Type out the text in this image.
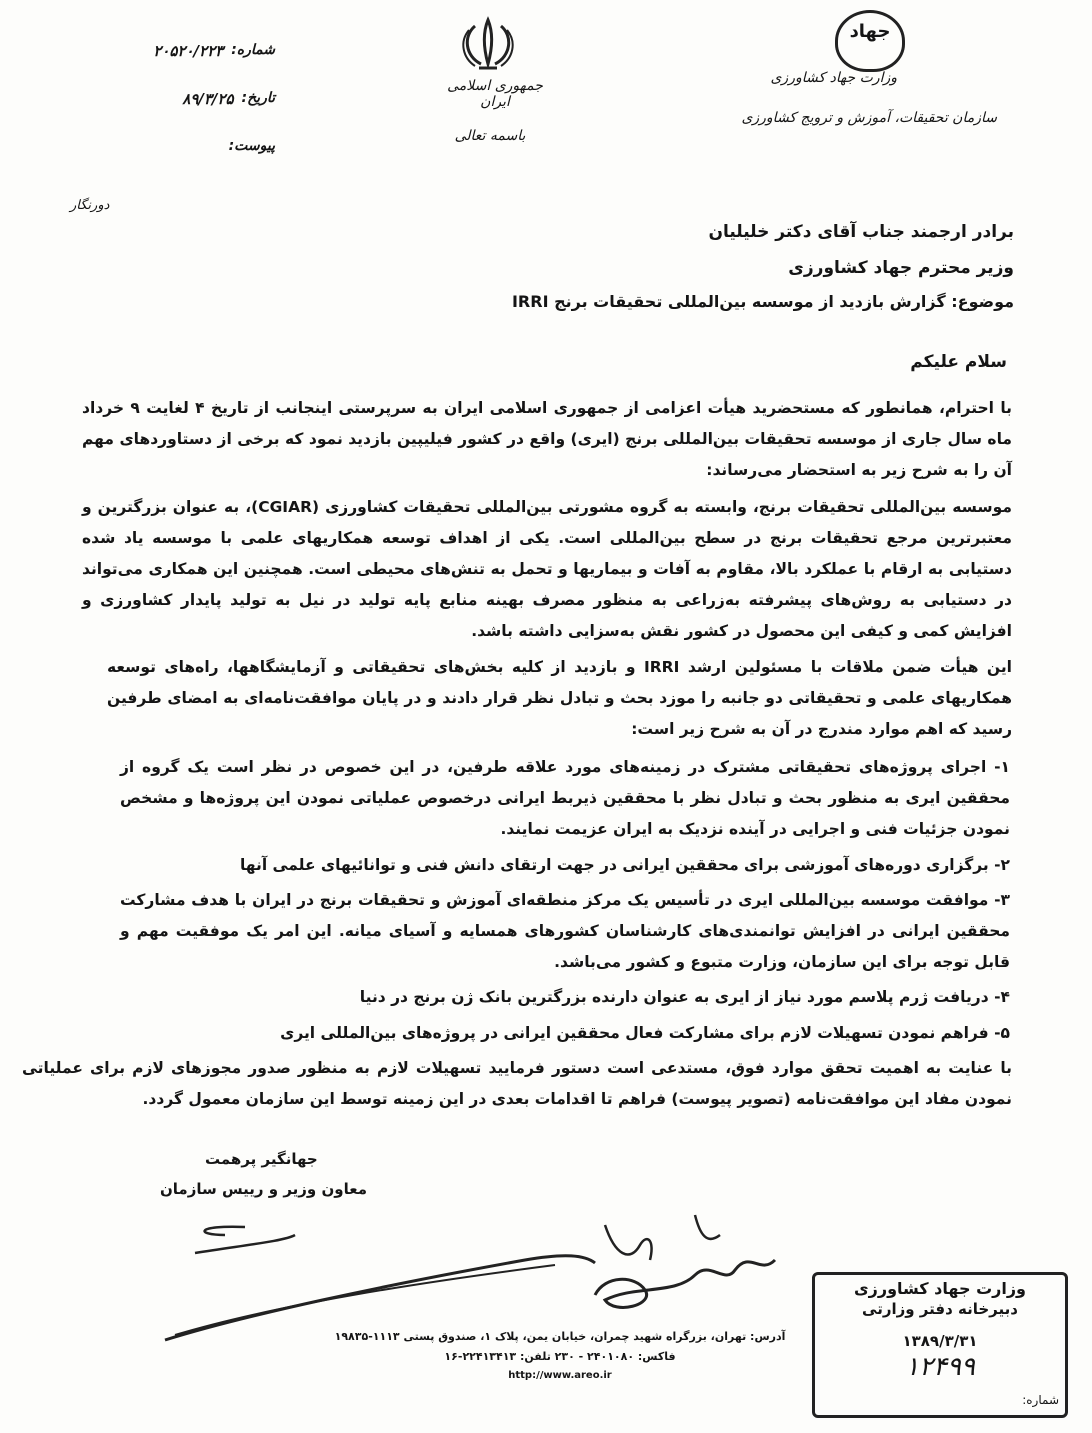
جهاد
وزارت جهاد کشاورزی
سازمان تحقیقات، آموزش و ترویج کشاورزی
جمهوری اسلامی ایران
باسمه تعالی
شماره:
۲۰۵۲۰/۲۲۳
تاریخ:
۸۹/۳/۲۵
پیوست:
دورنگار
برادر ارجمند جناب آقای دکتر خلیلیان
وزیر محترم جهاد کشاورزی
موضوع: گزارش بازدید از موسسه بین‌المللی تحقیقات برنج IRRI
سلام علیکم
با احترام، همانطور که مستحضرید هیأت اعزامی از جمهوری اسلامی ایران به سرپرستی اینجانب از تاریخ ۴ لغایت ۹ خرداد ماه سال جاری از موسسه تحقیقات بین‌المللی برنج (ایری) واقع در کشور فیلیپین بازدید نمود که برخی از دستاوردهای مهم آن را به شرح زیر به استحضار می‌رساند:
موسسه بین‌المللی تحقیقات برنج، وابسته به گروه مشورتی بین‌المللی تحقیقات کشاورزی (CGIAR)، به عنوان بزرگترین و معتبرترین مرجع تحقیقات برنج در سطح بین‌المللی است. یکی از اهداف توسعه همکاریهای علمی با موسسه یاد شده دستیابی به ارقام با عملکرد بالا، مقاوم به آفات و بیماریها و تحمل به تنش‌های محیطی است. همچنین این همکاری می‌تواند در دستیابی به روش‌های پیشرفته به‌زراعی به منظور مصرف بهینه منابع پایه تولید در نیل به تولید پایدار کشاورزی و افزایش کمی و کیفی این محصول در کشور نقش به‌سزایی داشته باشد.
این هیأت ضمن ملاقات با مسئولین ارشد IRRI و بازدید از کلیه بخش‌های تحقیقاتی و آزمایشگاهها، راه‌های توسعه همکاریهای علمی و تحقیقاتی دو جانبه را موزد بحث و تبادل نظر قرار دادند و در پایان موافقت‌نامه‌ای به امضای طرفین رسید که اهم موارد مندرج در آن به شرح زیر است:
۱- اجرای پروژه‌های تحقیقاتی مشترک در زمینه‌های مورد علاقه طرفین، در این خصوص در نظر است یک گروه از محققین ایری به منظور بحث و تبادل نظر با محققین ذیربط ایرانی درخصوص عملیاتی نمودن این پروژه‌ها و مشخص نمودن جزئیات فنی و اجرایی در آینده نزدیک به ایران عزیمت نمایند.
۲- برگزاری دوره‌های آموزشی برای محققین ایرانی در جهت ارتقای دانش فنی و توانائیهای علمی آنها
۳- موافقت موسسه بین‌المللی ایری در تأسیس یک مرکز منطقه‌ای آموزش و تحقیقات برنج در ایران با هدف مشارکت محققین ایرانی در افزایش توانمندی‌های کارشناسان کشورهای همسایه و آسیای میانه. این امر یک موفقیت مهم و قابل توجه برای این سازمان، وزارت متبوع و کشور می‌باشد.
۴- دریافت ژرم پلاسم مورد نیاز از ایری به عنوان دارنده بزرگترین بانک ژن برنج در دنیا
۵- فراهم نمودن تسهیلات لازم برای مشارکت فعال محققین ایرانی در پروژه‌های بین‌المللی ایری
با عنایت به اهمیت تحقق موارد فوق، مستدعی است دستور فرمایید تسهیلات لازم به منظور صدور مجوزهای لازم برای عملیاتی نمودن مفاد این موافقت‌نامه (تصویر پیوست) فراهم تا اقدامات بعدی در این زمینه توسط این سازمان معمول گردد.
جهانگیر پرهمت
معاون وزیر و رییس سازمان
وزارت جهاد کشاورزی
دبیرخانه دفتر وزارتی
۱۳۸۹/۳/۳۱
۱۲۴۹۹
شماره:
آدرس: تهران، بزرگراه شهید چمران، خیابان یمن، پلاک ۱، صندوق پستی ۱۱۱۳-۱۹۸۳۵
فاکس: ۲۴۰۱۰۸۰ - ۲۳۰ تلفن: ۲۲۴۱۳۴۱۳-۱۶
http://www.areo.ir
